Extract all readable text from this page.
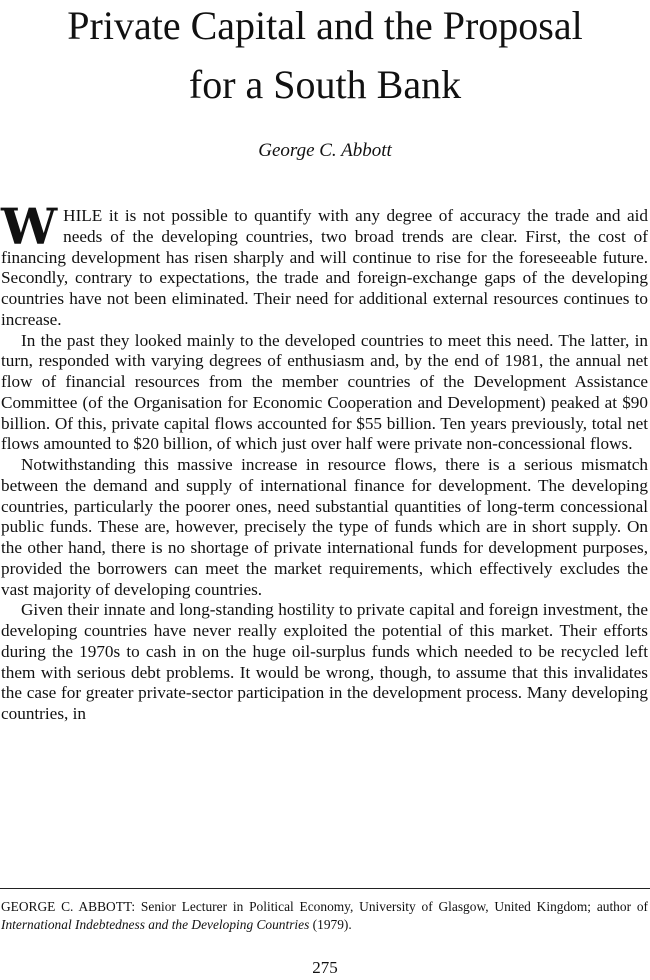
Private Capital and the Proposal
for a South Bank

George C. Abbott

WHILE it is not possible to quantify with any degree of accuracy the trade and aid needs of the developing countries, two broad trends are clear. First, the cost of financing development has risen sharply and will continue to rise for the foreseeable future. Secondly, contrary to expectations, the trade and foreign-exchange gaps of the developing countries have not been eliminated. Their need for additional external resources continues to increase.

In the past they looked mainly to the developed countries to meet this need. The latter, in turn, responded with varying degrees of enthusiasm and, by the end of 1981, the annual net flow of financial resources from the member countries of the Development Assistance Committee (of the Organisation for Economic Cooperation and Development) peaked at $90 billion. Of this, private capital flows accounted for $55 billion. Ten years previously, total net flows amounted to $20 billion, of which just over half were private non-concessional flows.

Notwithstanding this massive increase in resource flows, there is a serious mismatch between the demand and supply of international finance for development. The developing countries, particularly the poorer ones, need substantial quantities of long-term concessional public funds. These are, however, precisely the type of funds which are in short supply. On the other hand, there is no shortage of private international funds for development purposes, provided the borrowers can meet the market requirements, which effectively excludes the vast majority of developing countries.

Given their innate and long-standing hostility to private capital and foreign investment, the developing countries have never really exploited the potential of this market. Their efforts during the 1970s to cash in on the huge oil-surplus funds which needed to be recycled left them with serious debt problems. It would be wrong, though, to assume that this invalidates the case for greater private-sector participation in the development process. Many developing countries, in

GEORGE C. ABBOTT: Senior Lecturer in Political Economy, University of Glasgow, United Kingdom; author of International Indebtedness and the Developing Countries (1979).
275
